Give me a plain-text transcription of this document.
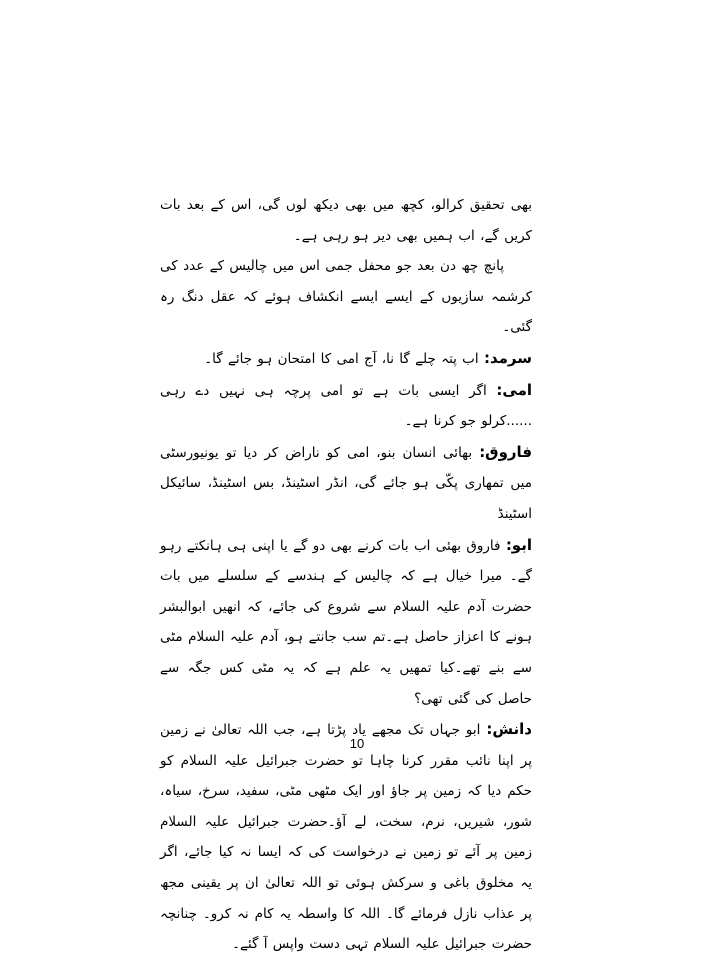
بھی تحقیق کرالو، کچھ میں بھی دیکھ لوں گی، اس کے بعد بات کریں گے، اب ہمیں بھی دیر ہو رہی ہے۔

پانچ چھ دن بعد جو محفل جمی اس میں چالیس کے عدد کی کرشمہ سازیوں کے ایسے ایسے انکشاف ہوئے کہ عقل دنگ رہ گئی۔

سرمد: اب پتہ چلے گا نا، آج امی کا امتحان ہو جائے گا۔

امی: اگر ایسی بات ہے تو امی پرچہ ہی نہیں دے رہی ......کرلو جو کرنا ہے۔

فاروق: بھائی انسان بنو، امی کو ناراض کر دیا تو یونیورسٹی میں تمھاری پکّی ہو جائے گی، انڈر اسٹینڈ، بس اسٹینڈ، سائیکل اسٹینڈ

ابو: فاروق بھئی اب بات کرنے بھی دو گے یا اپنی ہی ہانکتے رہو گے۔ میرا خیال ہے کہ چالیس کے ہندسے کے سلسلے میں بات حضرت آدم علیہ السلام سے شروع کی جائے، کہ انھیں ابوالبشر ہونے کا اعزاز حاصل ہے۔تم سب جانتے ہو، آدم علیہ السلام مٹی سے بنے تھے۔کیا تمھیں یہ علم ہے کہ یہ مٹی کس جگہ سے حاصل کی گئی تھی؟

دانش: ابو جہاں تک مجھے یاد پڑتا ہے، جب اللہ تعالیٰ نے زمین پر اپنا نائب مقرر کرنا چاہا تو حضرت جبرائیل علیہ السلام کو حکم دیا کہ زمین پر جاؤ اور ایک مٹھی مٹی، سفید، سرخ، سیاہ، شور، شیریں، نرم، سخت، لے آؤ۔حضرت جبرائیل علیہ السلام زمین پر آئے تو زمین نے درخواست کی کہ ایسا نہ کیا جائے، اگر یہ مخلوق باغی و سرکش ہوئی تو اللہ تعالیٰ ان پر یقینی مجھ پر عذاب نازل فرمائے گا۔ اللہ کا واسطہ یہ کام نہ کرو۔ چنانچہ حضرت جبرائیل علیہ السلام تہی دست واپس آ گئے۔

10
